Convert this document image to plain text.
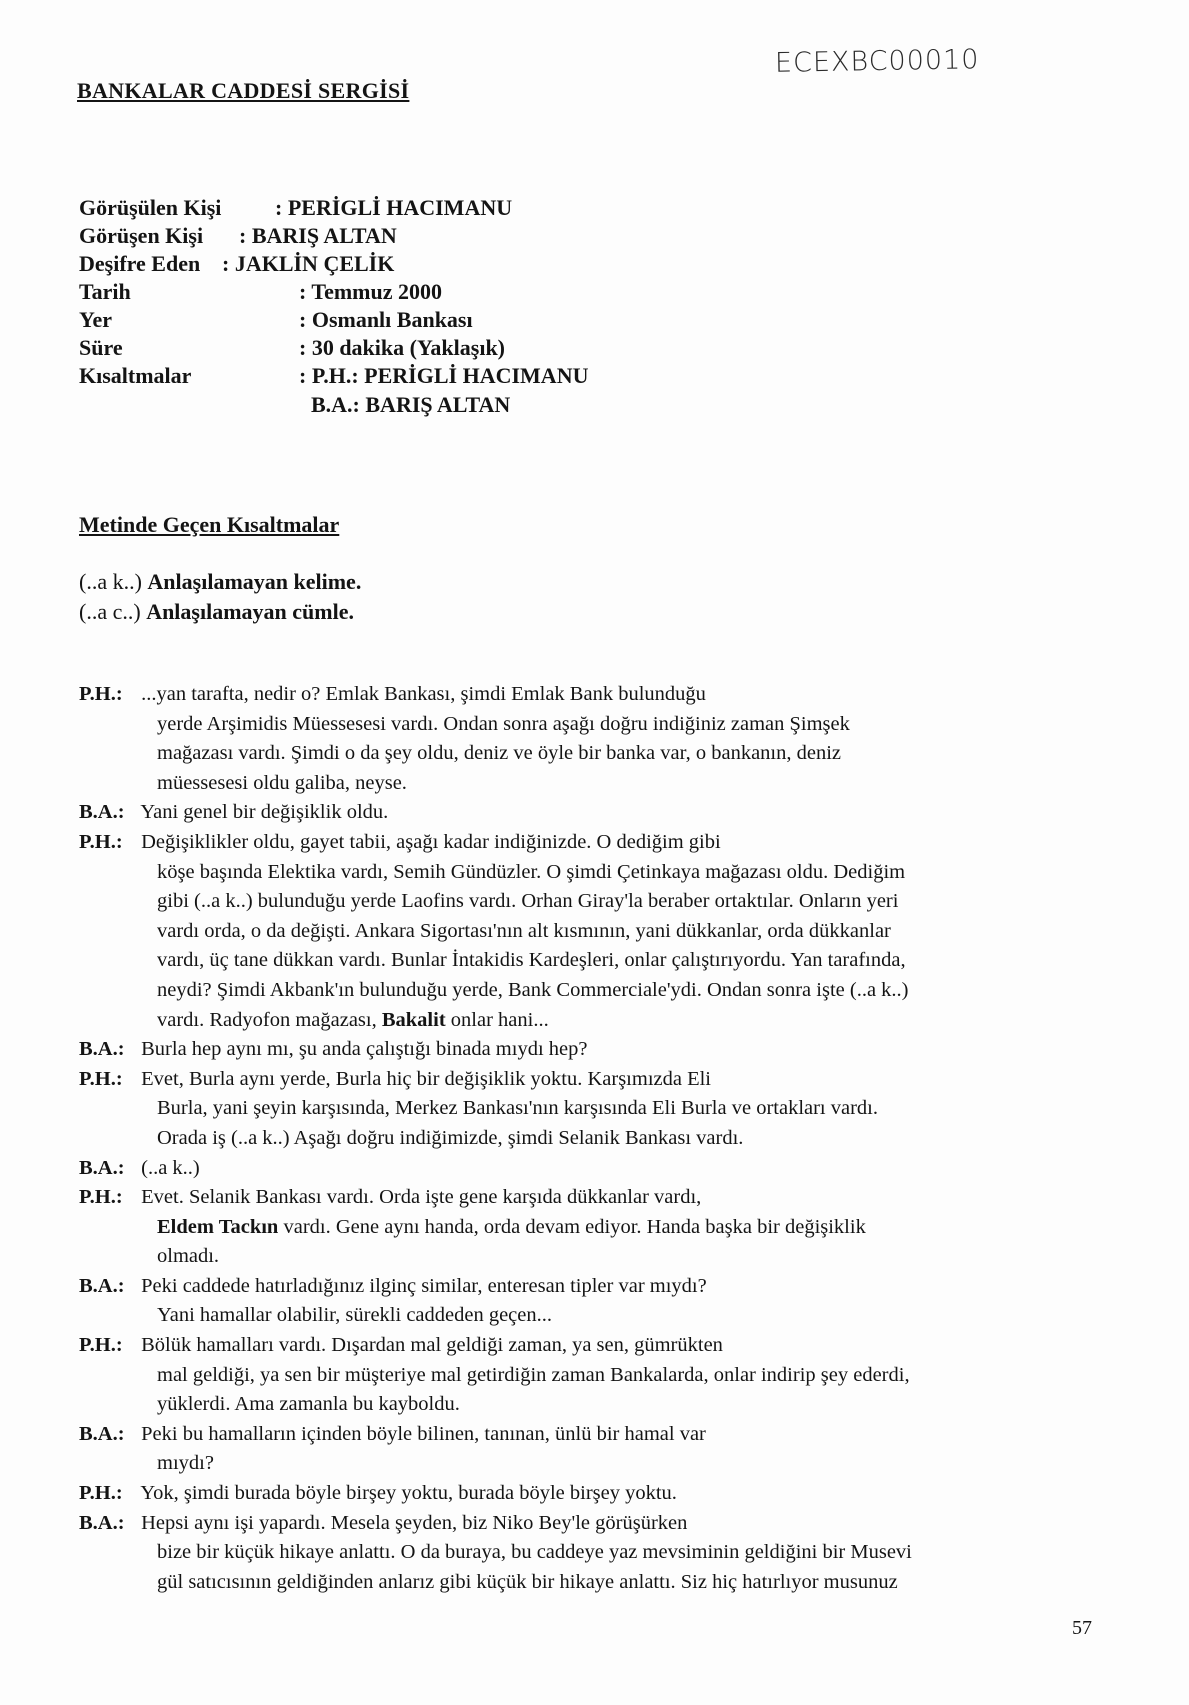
ECEXBC00010
BANKALAR CADDESİ SERGİSİ
Görüşülen Kişi : PERİGLİ HACIMANU
Görüşen Kişi : BARIŞ ALTAN
Deşifre Eden : JAKLİN ÇELİK
Tarih	: Temmuz 2000
Yer	: Osmanlı Bankası
Süre	: 30 dakika (Yaklaşık)
Kısaltmalar	: P.H.: PERİGLİ HACIMANU
B.A.: BARIŞ ALTAN
Metinde Geçen Kısaltmalar
(..a k..) Anlaşılamayan kelime.
(..a c..) Anlaşılamayan cümle.
P.H.: ...yan tarafta, nedir o? Emlak Bankası, şimdi Emlak Bank bulunduğu
yerde Arşimidis Müessesesi vardı. Ondan sonra aşağı doğru indiğiniz zaman Şimşek
mağazası vardı. Şimdi o da şey oldu, deniz ve öyle bir banka var, o bankanın, deniz
müessesesi oldu galiba, neyse.
B.A.: Yani genel bir değişiklik oldu.
P.H.: Değişiklikler oldu, gayet tabii, aşağı kadar indiğinizde. O dediğim gibi
köşe başında Elektika vardı, Semih Gündüzler. O şimdi Çetinkaya mağazası oldu. Dediğim
gibi (..a k..) bulunduğu yerde Laofins vardı. Orhan Giray'la beraber ortaktılar. Onların yeri
vardı orda, o da değişti. Ankara Sigortası'nın alt kısmının, yani dükkanlar, orda dükkanlar
vardı, üç tane dükkan vardı. Bunlar İntakidis Kardeşleri, onlar çalıştırıyordu. Yan tarafında,
neydi? Şimdi Akbank'ın bulunduğu yerde, Bank Commerciale'ydi. Ondan sonra işte (..a k..)
vardı. Radyofon mağazası, Bakalit onlar hani...
B.A.: Burla hep aynı mı, şu anda çalıştığı binada mıydı hep?
P.H.: Evet, Burla aynı yerde, Burla hiç bir değişiklik yoktu. Karşımızda Eli
Burla, yani şeyin karşısında, Merkez Bankası'nın karşısında Eli Burla ve ortakları vardı.
Orada iş (..a k..) Aşağı doğru indiğimizde, şimdi Selanik Bankası vardı.
B.A.: (..a k..)
P.H.: Evet. Selanik Bankası vardı. Orda işte gene karşıda dükkanlar vardı,
Eldem Tackın vardı. Gene aynı handa, orda devam ediyor. Handa başka bir değişiklik
olmadı.
B.A.: Peki caddede hatırladığınız ilginç similar, enteresan tipler var mıydı?
Yani hamallar olabilir, sürekli caddeden geçen...
P.H.: Bölük hamalları vardı. Dışardan mal geldiği zaman, ya sen, gümrükten
mal geldiği, ya sen bir müşteriye mal getirdiğin zaman Bankalarda, onlar indirip şey ederdi,
yüklerdi. Ama zamanla bu kayboldu.
B.A.: Peki bu hamalların içinden böyle bilinen, tanınan, ünlü bir hamal var
mıydı?
P.H.: Yok, şimdi burada böyle birşey yoktu, burada böyle birşey yoktu.
B.A.: Hepsi aynı işi yapardı. Mesela şeyden, biz Niko Bey'le görüşürken
bize bir küçük hikaye anlattı. O da buraya, bu caddeye yaz mevsiminin geldiğini bir Musevi
gül satıcısının geldiğinden anlarız gibi küçük bir hikaye anlattı. Siz hiç hatırlıyor musunuz
57
